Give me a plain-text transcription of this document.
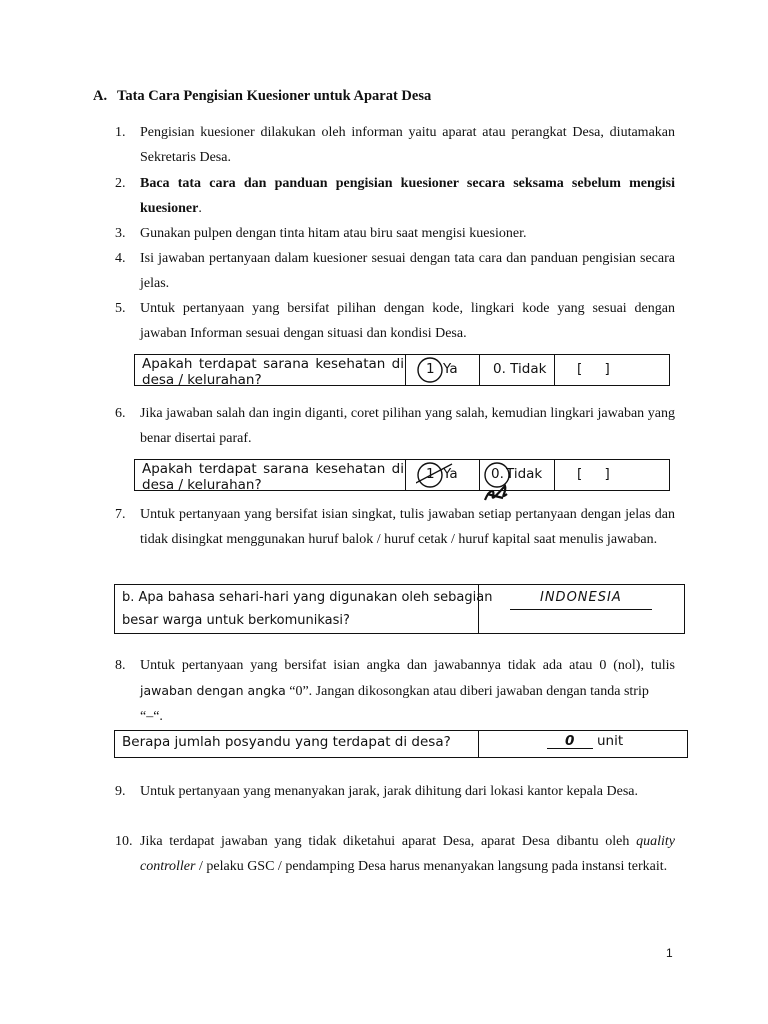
A. Tata Cara Pengisian Kuesioner untuk Aparat Desa
1. Pengisian kuesioner dilakukan oleh informan yaitu aparat atau perangkat Desa, diutamakan Sekretaris Desa.
2. Baca tata cara dan panduan pengisian kuesioner secara seksama sebelum mengisi kuesioner.
3. Gunakan pulpen dengan tinta hitam atau biru saat mengisi kuesioner.
4. Isi jawaban pertanyaan dalam kuesioner sesuai dengan tata cara dan panduan pengisian secara jelas.
5. Untuk pertanyaan yang bersifat pilihan dengan kode, lingkari kode yang sesuai dengan jawaban Informan sesuai dengan situasi dan kondisi Desa.
Apakah terdapat sarana kesehatan di
desa / kelurahan?
1 Ya	0. Tidak [ ]
6. Jika jawaban salah dan ingin diganti, coret pilihan yang salah, kemudian lingkari jawaban yang benar disertai paraf.
Apakah terdapat sarana kesehatan di
desa / kelurahan?
1 Ya 0. Tidak	[ ]
7. Untuk pertanyaan yang bersifat isian singkat, tulis jawaban setiap pertanyaan dengan jelas dan tidak disingkat menggunakan huruf balok / huruf cetak / huruf kapital saat menulis jawaban.
b. Apa bahasa sehari-hari yang digunakan oleh sebagian
besar warga untuk berkomunikasi?
INDONESIA
8. Untuk pertanyaan yang bersifat isian angka dan jawabannya tidak ada atau 0 (nol), tulis
jawaban dengan angka “0”. Jangan dikosongkan atau diberi jawaban dengan tanda strip
“–“.
Berapa jumlah posyandu yang terdapat di desa?	0 unit
9. Untuk pertanyaan yang menanyakan jarak, jarak dihitung dari lokasi kantor kepala Desa.
10. Jika terdapat jawaban yang tidak diketahui aparat Desa, aparat Desa dibantu oleh quality controller / pelaku GSC / pendamping Desa harus menanyakan langsung pada instansi terkait.
1
